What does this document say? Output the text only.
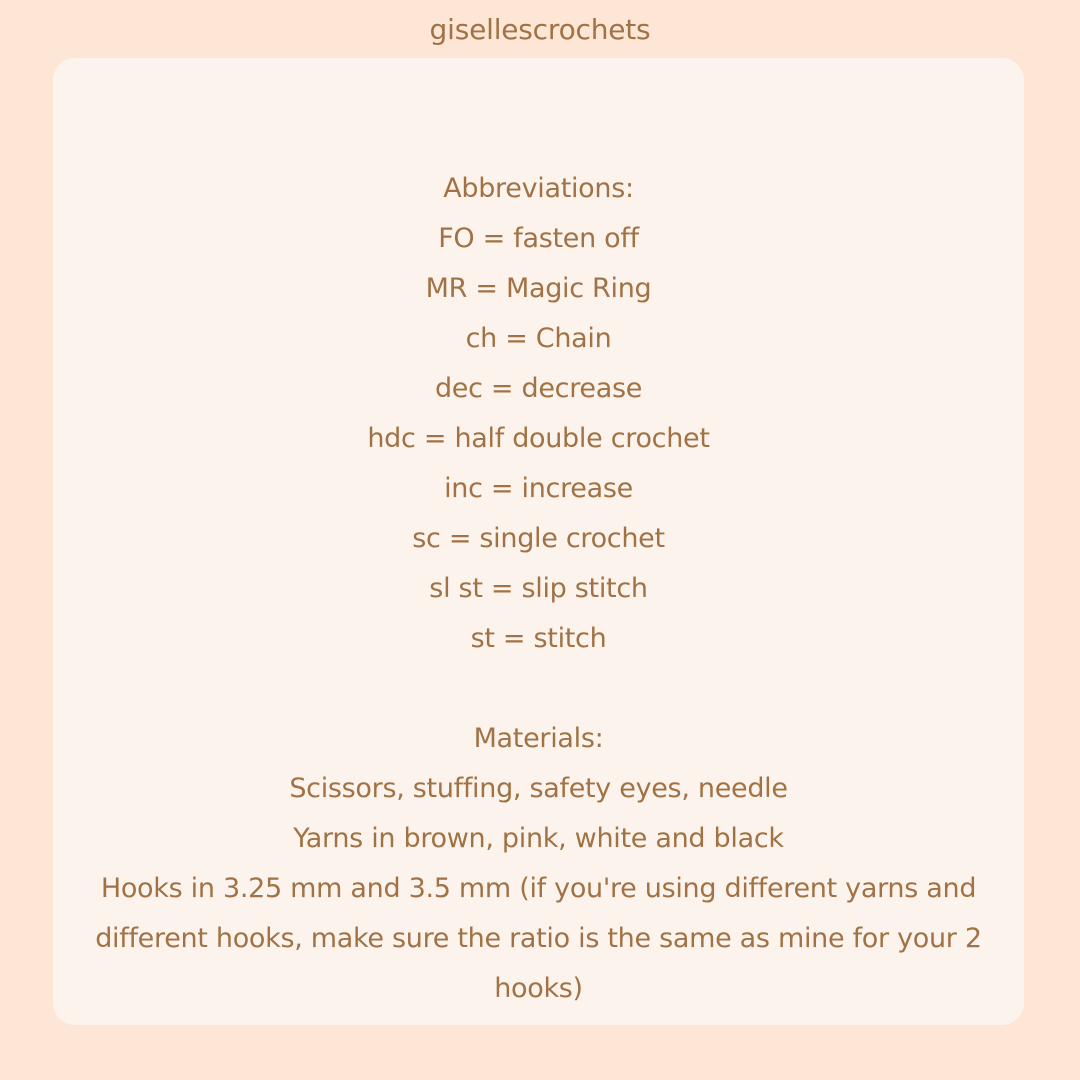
gisellescrochets
Abbreviations:
FO = fasten off
MR = Magic Ring
ch = Chain
dec = decrease
hdc = half double crochet
inc = increase
sc = single crochet
sl st = slip stitch
st = stitch
Materials:
Scissors, stuffing, safety eyes, needle
Yarns in brown, pink, white and black
Hooks in 3.25 mm and 3.5 mm (if you're using different yarns and different hooks, make sure the ratio is the same as mine for your 2 hooks)
